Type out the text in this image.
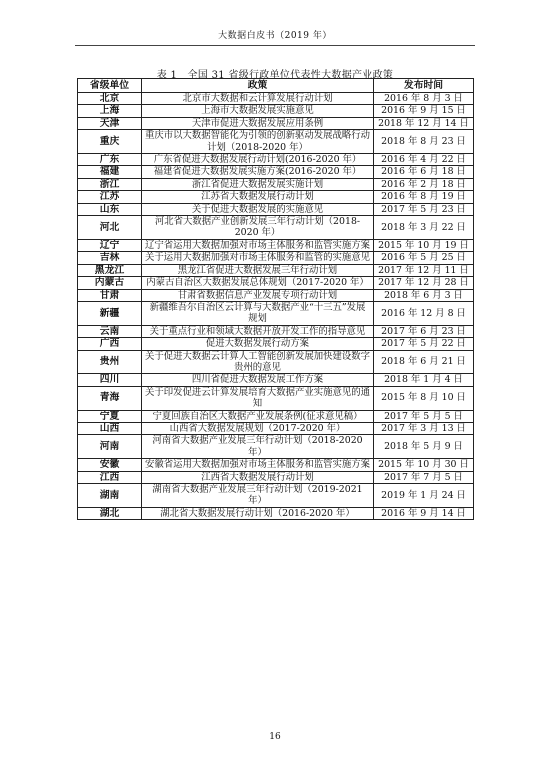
大数据白皮书（2019 年）
表 1　全国 31 省级行政单位代表性大数据产业政策
省级单位	政策	发布时间
北京	北京市大数据和云计算发展行动计划	2016 年 8 月 3 日
上海	上海市大数据发展实施意见	2016 年 9 月 15 日
天津	天津市促进大数据发展应用条例	2018 年 12 月 14 日
重庆	重庆市以大数据智能化为引领的创新驱动发展战略行动计划（2018-2020 年）	2018 年 8 月 23 日
广东	广东省促进大数据发展行动计划(2016-2020 年）	2016 年 4 月 22 日
福建	福建省促进大数据发展实施方案(2016-2020 年）	2016 年 6 月 18 日
浙江	浙江省促进大数据发展实施计划	2016 年 2 月 18 日
江苏	江苏省大数据发展行动计划	2016 年 8 月 19 日
山东	关于促进大数据发展的实施意见	2017 年 5 月 23 日
河北	河北省大数据产业创新发展三年行动计划（2018-2020 年）	2018 年 3 月 22 日
辽宁	辽宁省运用大数据加强对市场主体服务和监管实施方案	2015 年 10 月 19 日
吉林	关于运用大数据加强对市场主体服务和监管的实施意见	2016 年 5 月 25 日
黑龙江	黑龙江省促进大数据发展三年行动计划	2017 年 12 月 11 日
内蒙古	内蒙古自治区大数据发展总体规划（2017-2020 年）	2017 年 12 月 28 日
甘肃	甘肃省数据信息产业发展专项行动计划	2018 年 6 月 3 日
新疆	新疆维吾尔自治区云计算与大数据产业“十三五”发展规划	2016 年 12 月 8 日
云南	关于重点行业和领域大数据开放开发工作的指导意见	2017 年 6 月 23 日
广西	促进大数据发展行动方案	2017 年 5 月 22 日
贵州	关于促进大数据云计算人工智能创新发展加快建设数字贵州的意见	2018 年 6 月 21 日
四川	四川省促进大数据发展工作方案	2018 年 1 月 4 日
青海	关于印发促进云计算发展培育大数据产业实施意见的通知	2015 年 8 月 10 日
宁夏	宁夏回族自治区大数据产业发展条例(征求意见稿）	2017 年 5 月 5 日
山西	山西省大数据发展规划（2017-2020 年）	2017 年 3 月 13 日
河南	河南省大数据产业发展三年行动计划（2018-2020 年）	2018 年 5 月 9 日
安徽	安徽省运用大数据加强对市场主体服务和监管实施方案	2015 年 10 月 30 日
江西	江西省大数据发展行动计划	2017 年 7 月 5 日
湖南	湖南省大数据产业发展三年行动计划（2019-2021 年）	2019 年 1 月 24 日
湖北	湖北省大数据发展行动计划（2016-2020 年）	2016 年 9 月 14 日
16
